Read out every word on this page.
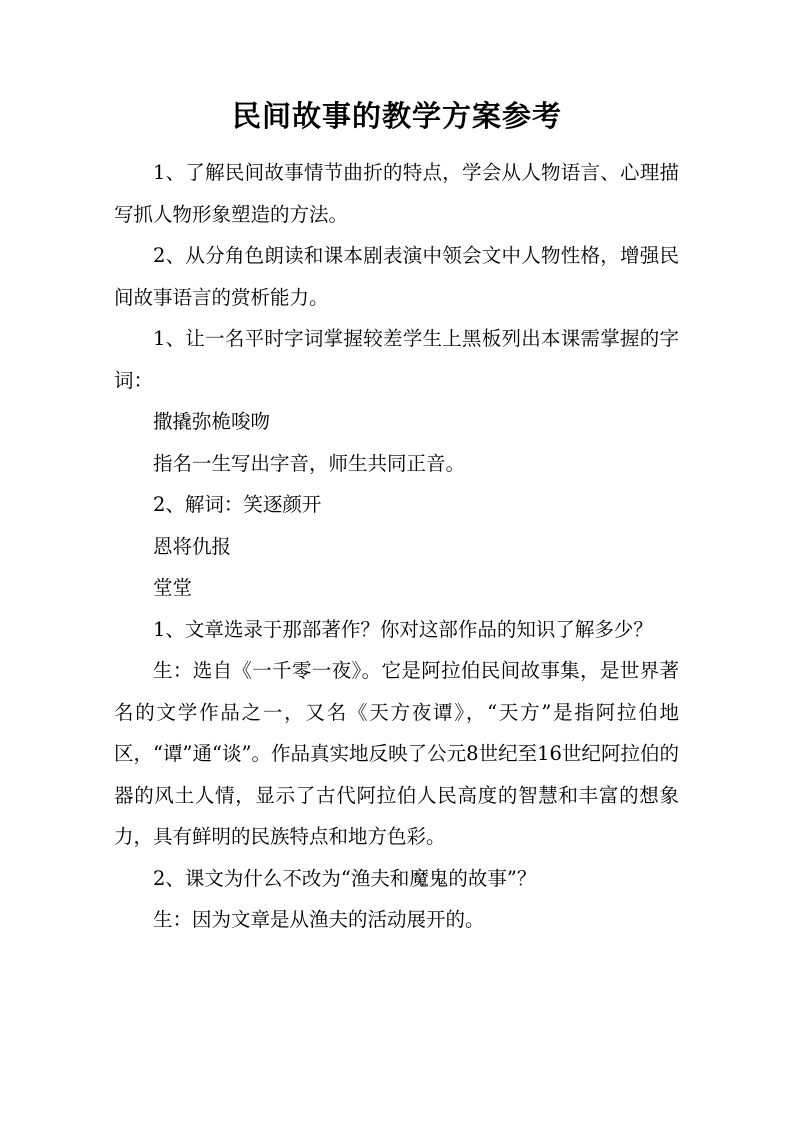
民间故事的教学方案参考

1、了解民间故事情节曲折的特点，学会从人物语言、心理描写抓人物形象塑造的方法。

2、从分角色朗读和课本剧表演中领会文中人物性格，增强民间故事语言的赏析能力。

1、让一名平时字词掌握较差学生上黑板列出本课需掌握的字词：

撒撬弥桅唆吻

指名一生写出字音，师生共同正音。

2、解词：笑逐颜开

恩将仇报

堂堂

1、文章选录于那部著作？你对这部作品的知识了解多少？

生：选自《一千零一夜》。它是阿拉伯民间故事集，是世界著名的文学作品之一，又名《天方夜谭》，“天方”是指阿拉伯地区，“谭”通“谈”。作品真实地反映了公元8世纪至16世纪阿拉伯的器的风土人情，显示了古代阿拉伯人民高度的智慧和丰富的想象力，具有鲜明的民族特点和地方色彩。

2、课文为什么不改为“渔夫和魔鬼的故事”？

生：因为文章是从渔夫的活动展开的。
